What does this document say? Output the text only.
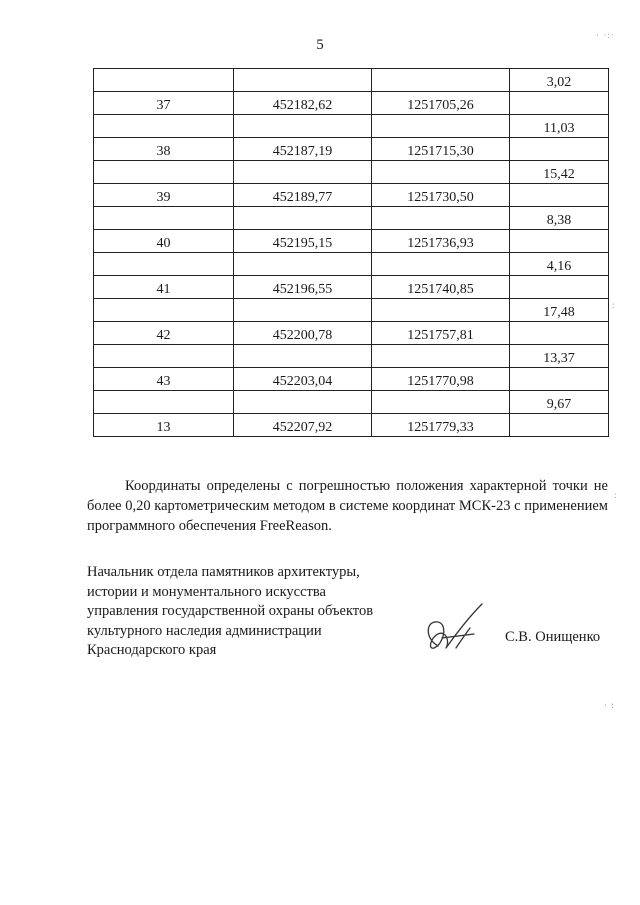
5
			3,02
37	452182,62	1251705,26	
			11,03
38	452187,19	1251715,30	
			15,42
39	452189,77	1251730,50	
			8,38
40	452195,15	1251736,93	
			4,16
41	452196,55	1251740,85	
			17,48
42	452200,78	1251757,81	
			13,37
43	452203,04	1251770,98	
			9,67
13	452207,92	1251779,33	

Координаты определены с погрешностью положения характерной точки не более 0,20 картометрическим методом в системе координат МСК-23 с применением программного обеспечения FreeReason.

Начальник отдела памятников архитектуры,
истории и монументального искусства
управления государственной охраны объектов
культурного наследия администрации
Краснодарского края
С.В. Онищенко
· ·:·
:
:
· :
